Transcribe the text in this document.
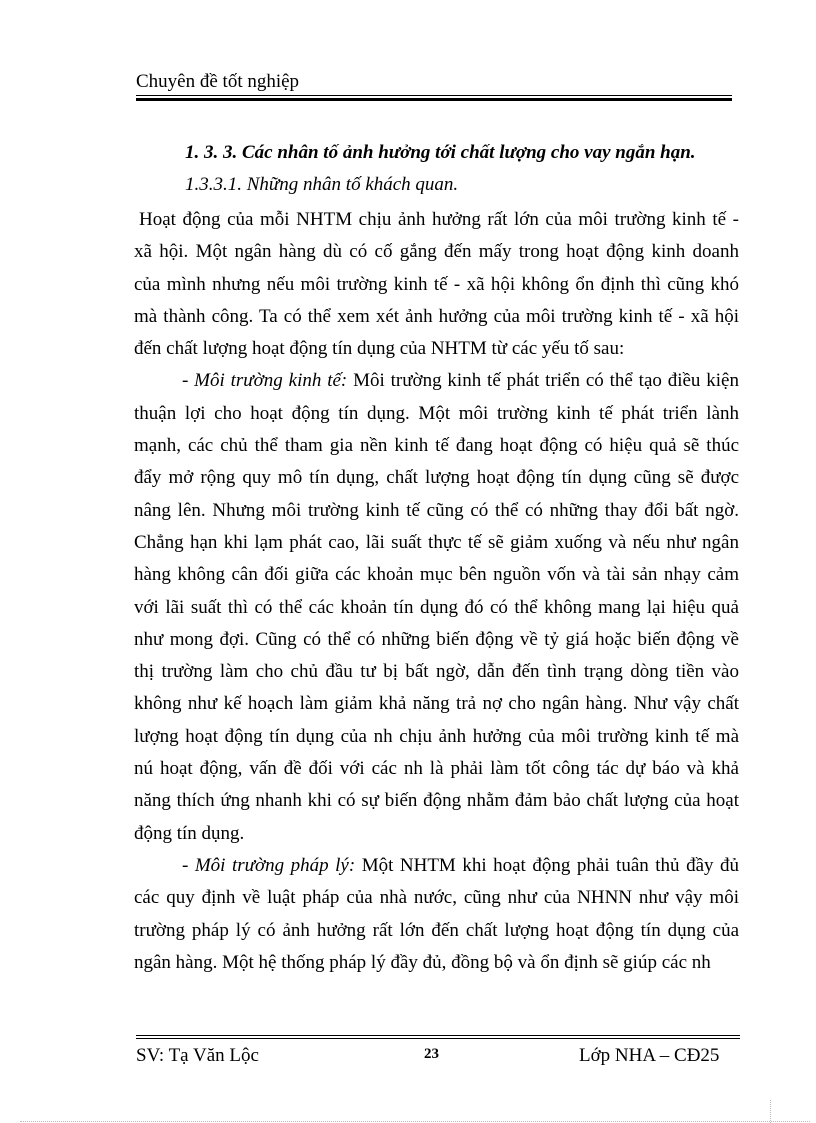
Chuyên đề tốt nghiệp
1. 3. 3. Các nhân tố ảnh hưởng tới chất lượng cho vay ngắn hạn.
1.3.3.1. Những nhân tố khách quan.
Hoạt động của mỗi NHTM chịu ảnh hưởng rất lớn của môi trường kinh tế -
xã hội. Một ngân hàng dù có cố gắng đến mấy trong hoạt động kinh doanh
của mình nhưng nếu môi trường kinh tế - xã hội không ổn định thì cũng khó
mà thành công. Ta có thể xem xét ảnh hưởng của môi trường kinh tế - xã hội
đến chất lượng hoạt động tín dụng của NHTM từ các yếu tố sau:
- Môi trường kinh tế: Môi trường kinh tế phát triển có thể tạo điều kiện
thuận lợi cho hoạt động tín dụng. Một môi trường kinh tế phát triển lành
mạnh, các chủ thể tham gia nền kinh tế đang hoạt động có hiệu quả sẽ thúc
đẩy mở rộng quy mô tín dụng, chất lượng hoạt động tín dụng cũng sẽ được
nâng lên. Nhưng môi trường kinh tế cũng có thể có những thay đổi bất ngờ.
Chẳng hạn khi lạm phát cao, lãi suất thực tế sẽ giảm xuống và nếu như ngân
hàng không cân đối giữa các khoản mục bên nguồn vốn và tài sản nhạy cảm
với lãi suất thì có thể các khoản tín dụng đó có thể không mang lại hiệu quả
như mong đợi. Cũng có thể có những biến động về tỷ giá hoặc biến động về
thị trường làm cho chủ đầu tư bị bất ngờ, dẫn đến tình trạng dòng tiền vào
không như kế hoạch làm giảm khả năng trả nợ cho ngân hàng. Như vậy chất
lượng hoạt động tín dụng của nh chịu ảnh hưởng của môi trường kinh tế mà
nú hoạt động, vấn đề đối với các nh là phải làm tốt công tác dự báo và khả
năng thích ứng nhanh khi có sự biến động nhằm đảm bảo chất lượng của hoạt
động tín dụng.
- Môi trường pháp lý: Một NHTM khi hoạt động phải tuân thủ đầy đủ
các quy định về luật pháp của nhà nước, cũng như của NHNN như vậy môi
trường pháp lý có ảnh hưởng rất lớn đến chất lượng hoạt động tín dụng của
ngân hàng. Một hệ thống pháp lý đầy đủ, đồng bộ và ổn định sẽ giúp các nh
SV: Tạ Văn Lộc	23	Lớp NHA – CĐ25
